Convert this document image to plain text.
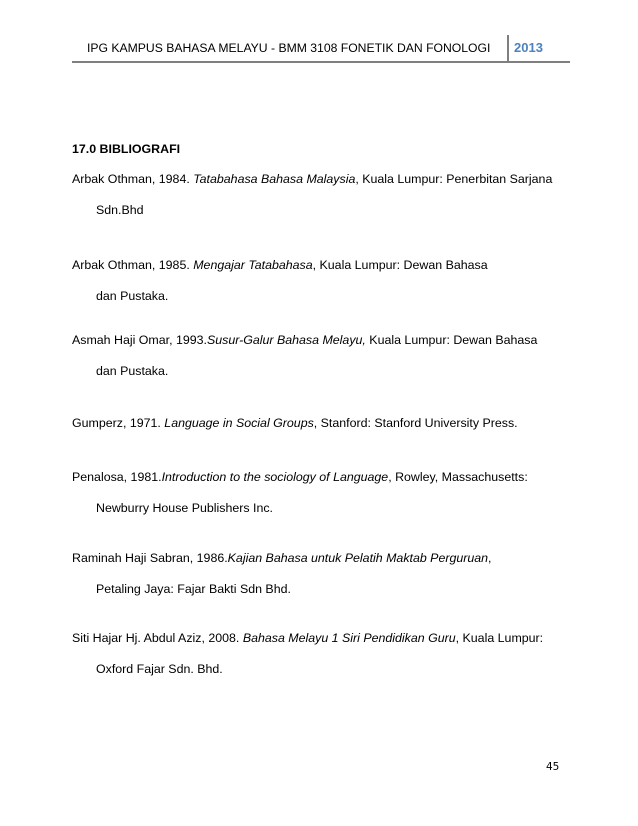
IPG KAMPUS BAHASA MELAYU - BMM 3108 FONETIK DAN FONOLOGI 2013
17.0 BIBLIOGRAFI
Arbak Othman, 1984. Tatabahasa Bahasa Malaysia, Kuala Lumpur: Penerbitan Sarjana
Sdn.Bhd
Arbak Othman, 1985. Mengajar Tatabahasa, Kuala Lumpur: Dewan Bahasa
dan Pustaka.
Asmah Haji Omar, 1993.Susur-Galur Bahasa Melayu, Kuala Lumpur: Dewan Bahasa
dan Pustaka.
Gumperz, 1971. Language in Social Groups, Stanford: Stanford University Press.
Penalosa, 1981.Introduction to the sociology of Language, Rowley, Massachusetts:
Newburry House Publishers Inc.
Raminah Haji Sabran, 1986.Kajian Bahasa untuk Pelatih Maktab Perguruan,
Petaling Jaya: Fajar Bakti Sdn Bhd.
Siti Hajar Hj. Abdul Aziz, 2008. Bahasa Melayu 1 Siri Pendidikan Guru, Kuala Lumpur:
Oxford Fajar Sdn. Bhd.
45
